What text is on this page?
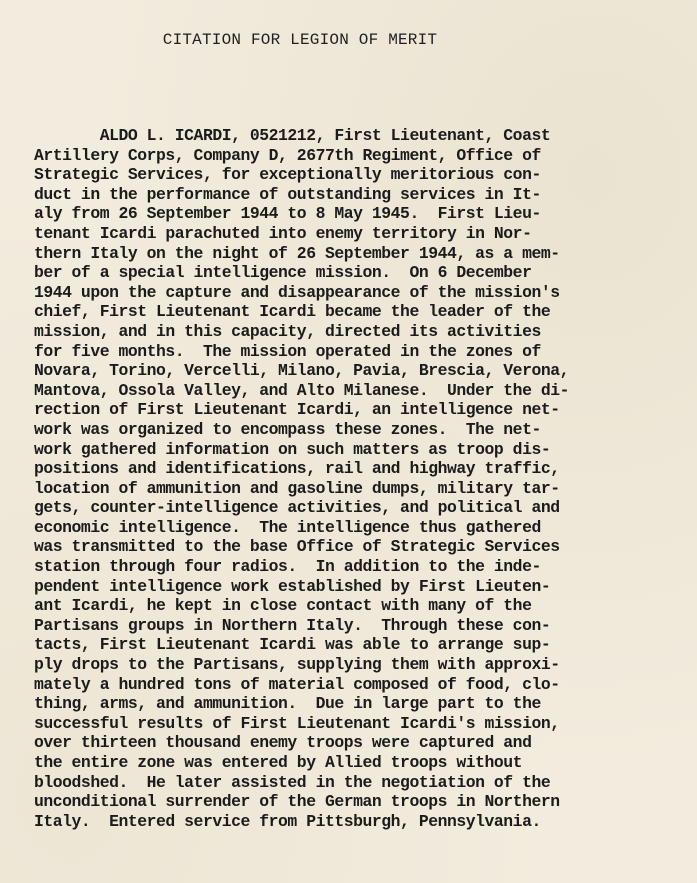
CITATION FOR LEGION OF MERIT
ALDO L. ICARDI, 0521212, First Lieutenant, Coast
Artillery Corps, Company D, 2677th Regiment, Office of
Strategic Services, for exceptionally meritorious con-
duct in the performance of outstanding services in It-
aly from 26 September 1944 to 8 May 1945.  First Lieu-
tenant Icardi parachuted into enemy territory in Nor-
thern Italy on the night of 26 September 1944, as a mem-
ber of a special intelligence mission.  On 6 December
1944 upon the capture and disappearance of the mission's
chief, First Lieutenant Icardi became the leader of the
mission, and in this capacity, directed its activities
for five months.  The mission operated in the zones of
Novara, Torino, Vercelli, Milano, Pavia, Brescia, Verona,
Mantova, Ossola Valley, and Alto Milanese.  Under the di-
rection of First Lieutenant Icardi, an intelligence net-
work was organized to encompass these zones.  The net-
work gathered information on such matters as troop dis-
positions and identifications, rail and highway traffic,
location of ammunition and gasoline dumps, military tar-
gets, counter-intelligence activities, and political and
economic intelligence.  The intelligence thus gathered
was transmitted to the base Office of Strategic Services
station through four radios.  In addition to the inde-
pendent intelligence work established by First Lieuten-
ant Icardi, he kept in close contact with many of the
Partisans groups in Northern Italy.  Through these con-
tacts, First Lieutenant Icardi was able to arrange sup-
ply drops to the Partisans, supplying them with approxi-
mately a hundred tons of material composed of food, clo-
thing, arms, and ammunition.  Due in large part to the
successful results of First Lieutenant Icardi's mission,
over thirteen thousand enemy troops were captured and
the entire zone was entered by Allied troops without
bloodshed.  He later assisted in the negotiation of the
unconditional surrender of the German troops in Northern
Italy.  Entered service from Pittsburgh, Pennsylvania.
